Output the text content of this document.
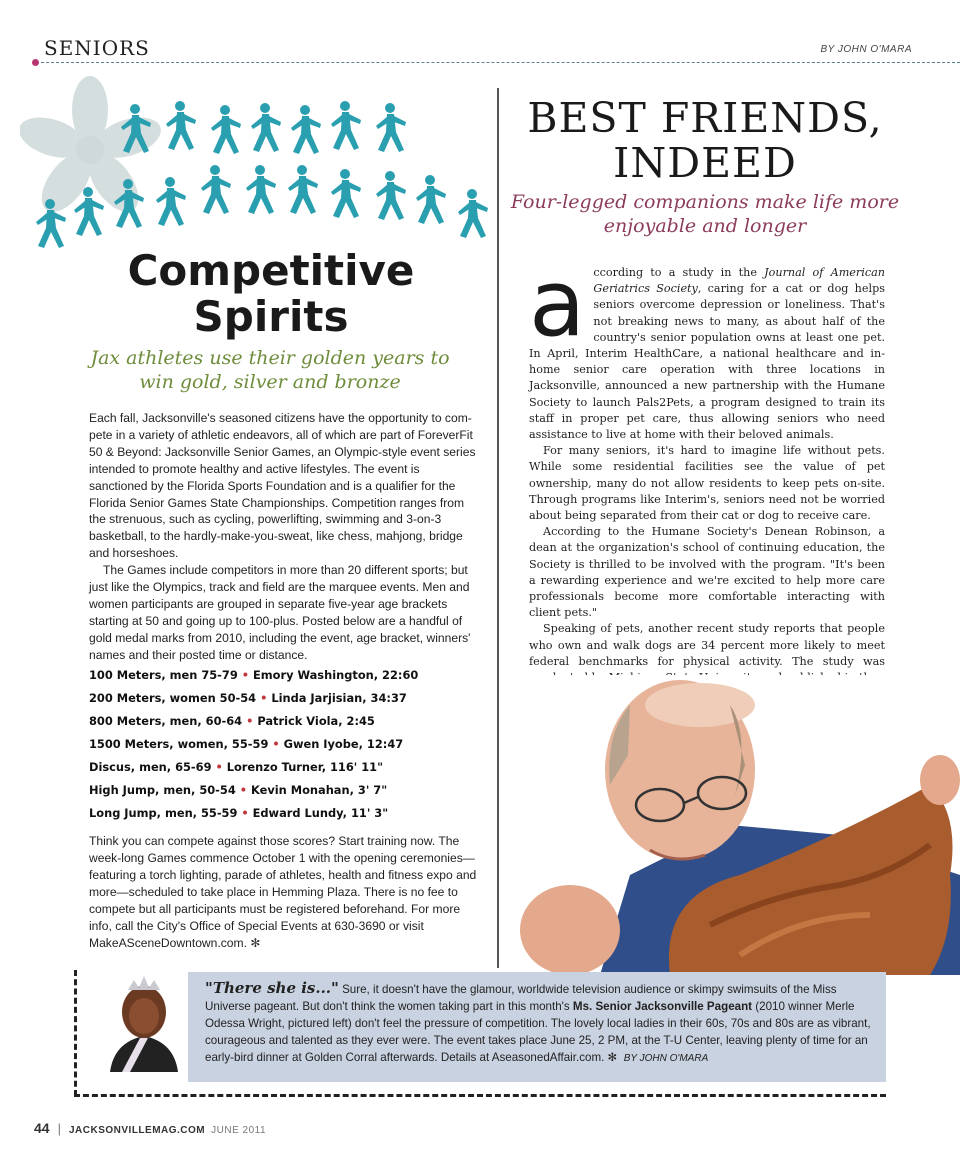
SENIORS	BY JOHN O'MARA
Competitive
Spirits
Jax athletes use their golden years to win gold, silver and bronze

Each fall, Jacksonville's seasoned citizens have the opportunity to com-pete in a variety of athletic endeavors, all of which are part of ForeverFit 50 & Beyond: Jacksonville Senior Games, an Olympic-style event series intended to promote healthy and active lifestyles. The event is sanctioned by the Florida Sports Foundation and is a qualifier for the Florida Senior Games State Championships. Competition ranges from the strenuous, such as cycling, powerlifting, swimming and 3-on-3 basketball, to the hardly-make-you-sweat, like chess, mahjong, bridge and horseshoes.

The Games include competitors in more than 20 different sports; but just like the Olympics, track and field are the marquee events. Men and women participants are grouped in separate five-year age brackets starting at 50 and going up to 100-plus. Posted below are a handful of gold medal marks from 2010, including the event, age bracket, winners' names and their posted time or distance.

100 Meters, men 75-79 • Emory Washington, 22:60
200 Meters, women 50-54 • Linda Jarjisian, 34:37
800 Meters, men, 60-64 • Patrick Viola, 2:45
1500 Meters, women, 55-59 • Gwen Iyobe, 12:47
Discus, men, 65-69 • Lorenzo Turner, 116' 11"
High Jump, men, 50-54 • Kevin Monahan, 3' 7"
Long Jump, men, 55-59 • Edward Lundy, 11' 3"

Think you can compete against those scores? Start training now. The week-long Games commence October 1 with the opening ceremonies—featuring a torch lighting, parade of athletes, health and fitness expo and more—scheduled to take place in Hemming Plaza. There is no fee to compete but all participants must be registered beforehand. For more info, call the City's Office of Special Events at 630-3690 or visit MakeASceneDowntown.com. ✻

BEST FRIENDS,
INDEED
Four-legged companions make life more enjoyable and longer

according to a study in the Journal of American Geriatrics Society, caring for a cat or dog helps seniors overcome depression or loneliness. That's not breaking news to many, as about half of the country's senior population owns at least one pet. In April, Interim HealthCare, a national healthcare and in-home senior care operation with three locations in Jacksonville, announced a new partnership with the Humane Society to launch Pals2Pets, a program designed to train its staff in proper pet care, thus allowing seniors who need assistance to live at home with their beloved animals.

For many seniors, it's hard to imagine life without pets. While some residential facilities see the value of pet ownership, many do not allow residents to keep pets on-site. Through programs like Interim's, seniors need not be worried about being separated from their cat or dog to receive care.

According to the Humane Society's Denean Robinson, a dean at the organization's school of continuing education, the Society is thrilled to be involved with the program. "It's been a rewarding experience and we're excited to help more care professionals become more comfortable interacting with client pets."

Speaking of pets, another recent study reports that people who own and walk dogs are 34 percent more likely to meet federal benchmarks for physical activity. The study was

"There she is..." Sure, it doesn't have the glamour, worldwide television audience or skimpy swimsuits of the Miss Universe pageant. But don't think the women taking part in this month's Ms. Senior Jacksonville Pageant (2010 winner Merle Odessa Wright, pictured left) don't feel the pressure of competition. The lovely local ladies in their 60s, 70s and 80s are as vibrant, courageous and talented as they ever were. The event takes place June 25, 2 PM, at the T-U Center, leaving plenty of time for an early-bird dinner at Golden Corral afterwards. Details at AseasonedAffair.com. ✻ BY JOHN O'MARA
44 | JACKSONVILLEMAG.COM JUNE 2011
